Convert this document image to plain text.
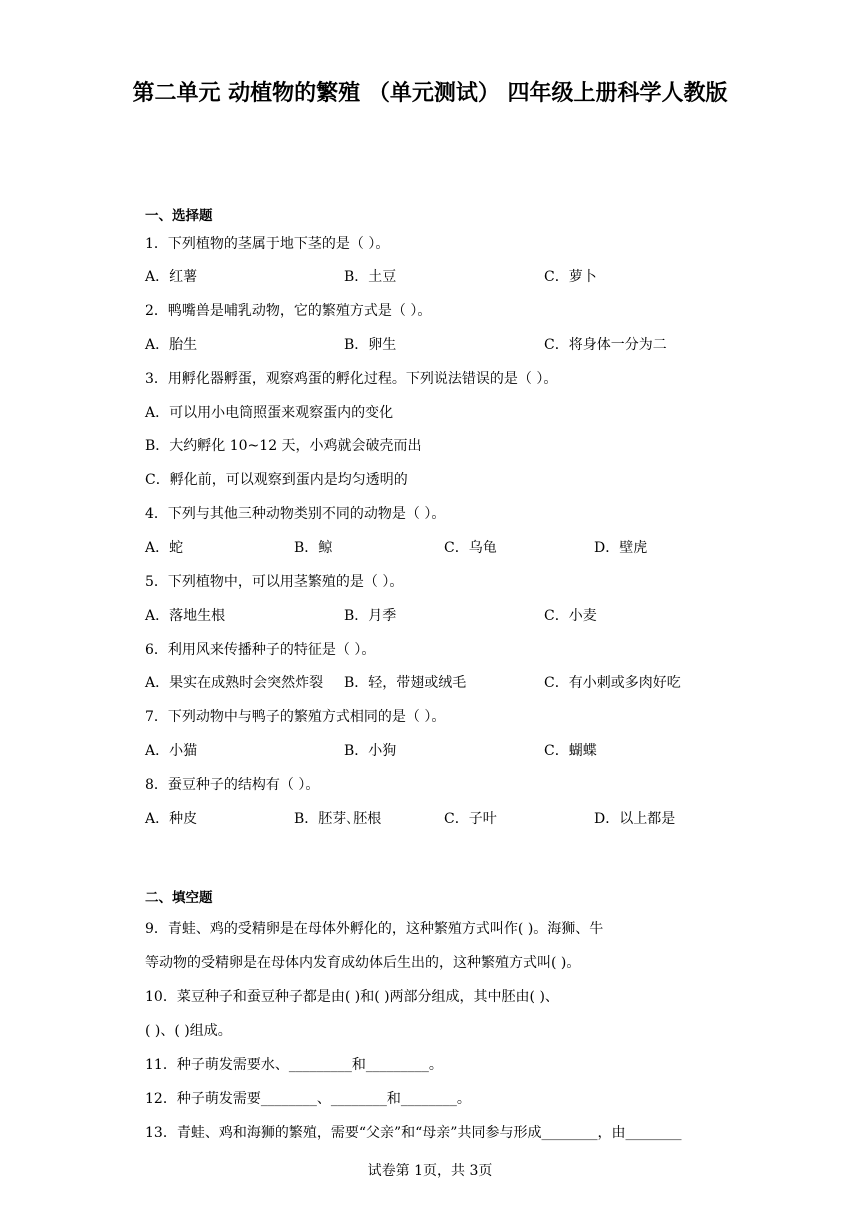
第二单元 动植物的繁殖 （单元测试） 四年级上册科学人教版
一、选择题
1．下列植物的茎属于地下茎的是（ ）。
A．红薯	B．土豆	C．萝卜
2．鸭嘴兽是哺乳动物，它的繁殖方式是（ ）。
A．胎生	B．卵生	C．将身体一分为二
3．用孵化器孵蛋，观察鸡蛋的孵化过程。下列说法错误的是（ ）。
A．可以用小电筒照蛋来观察蛋内的变化
B．大约孵化 10~12 天，小鸡就会破壳而出
C．孵化前，可以观察到蛋内是均匀透明的
4．下列与其他三种动物类别不同的动物是（ ）。
A．蛇	B．鲸	C．乌龟	D．壁虎
5．下列植物中，可以用茎繁殖的是（ ）。
A．落地生根	B．月季	C．小麦
6．利用风来传播种子的特征是（ ）。
A．果实在成熟时会突然炸裂 B．轻，带翅或绒毛	C．有小刺或多肉好吃
7．下列动物中与鸭子的繁殖方式相同的是（ ）。
A．小猫	B．小狗	C．蝴蝶
8．蚕豆种子的结构有（ ）。
A．种皮	B．胚芽､胚根	C．子叶	D．以上都是
二、填空题
9．青蛙、鸡的受精卵是在母体外孵化的，这种繁殖方式叫作( )。海狮、牛
等动物的受精卵是在母体内发育成幼体后生出的，这种繁殖方式叫( )。
10．菜豆种子和蚕豆种子都是由( )和( )两部分组成，其中胚由( )、
( )、( )组成。
11．种子萌发需要水、_________和_________。
12．种子萌发需要________、________和________。
13．青蛙、鸡和海狮的繁殖，需要“父亲”和“母亲”共同参与形成________，由________
试卷第 1页，共 3页
